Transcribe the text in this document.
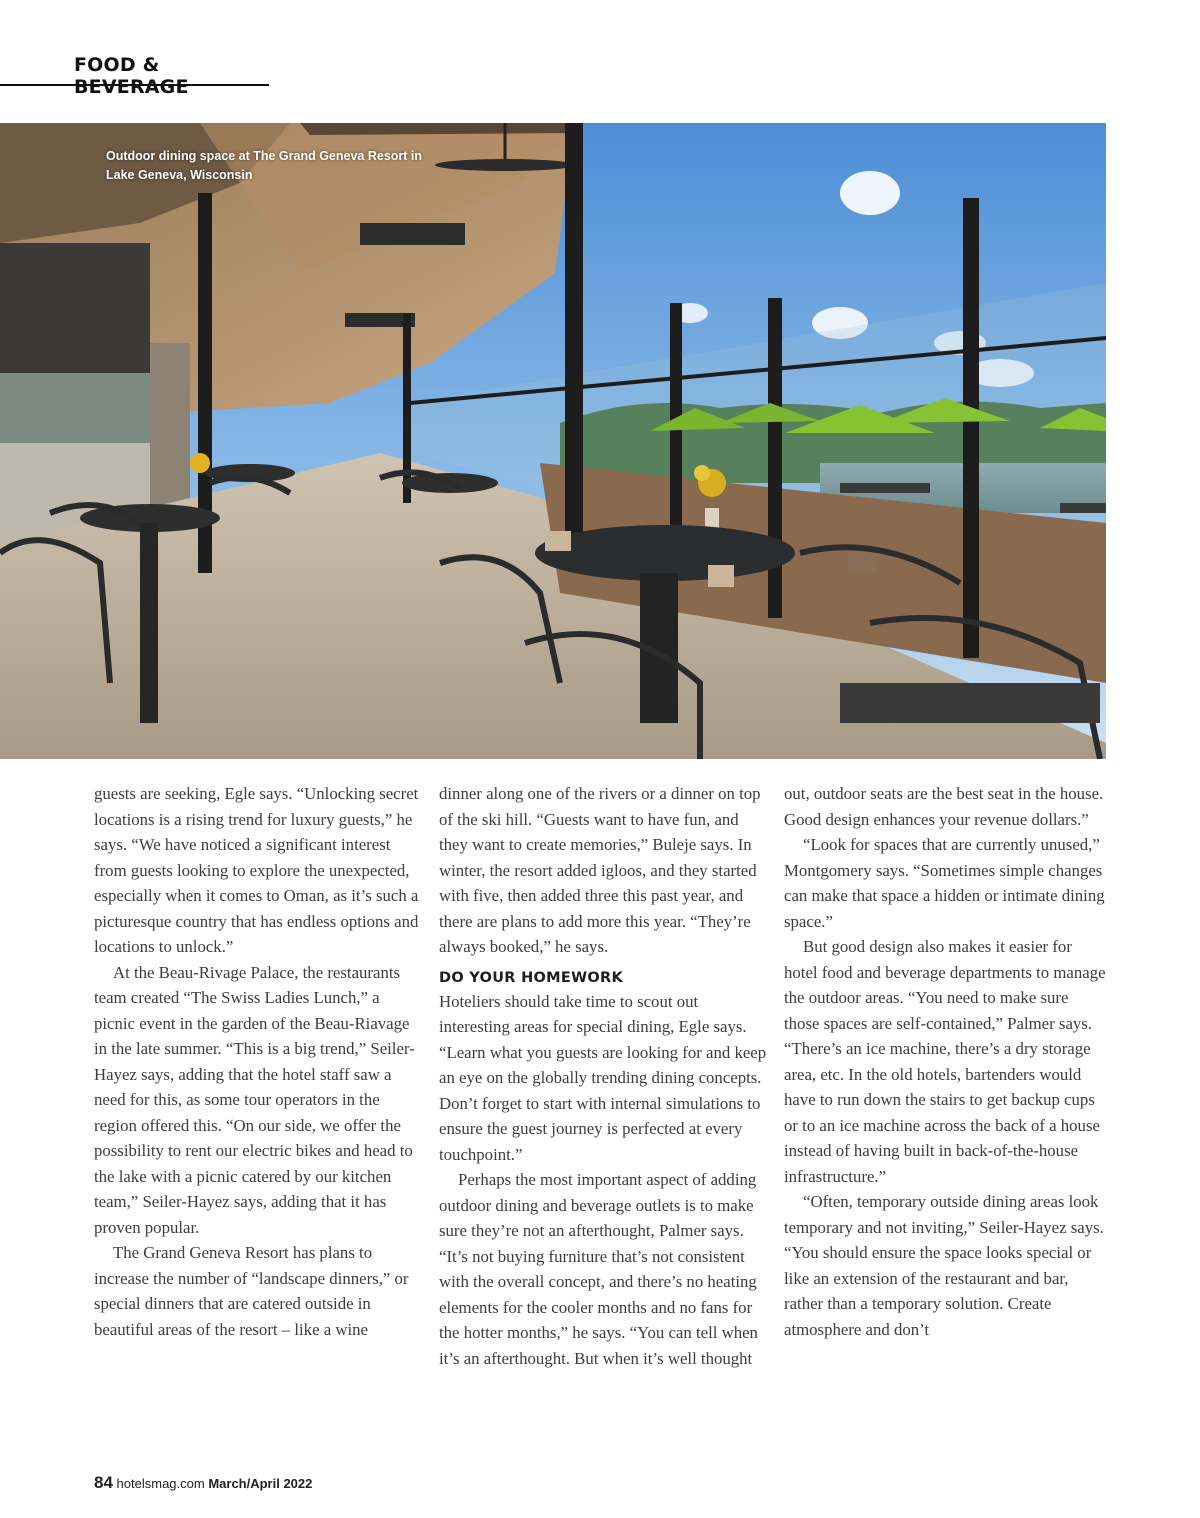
FOOD & BEVERAGE
Outdoor dining space at The Grand Geneva Resort in Lake Geneva, Wisconsin

guests are seeking, Egle says. “Unlocking secret locations is a rising trend for luxury guests,” he says. “We have noticed a significant interest from guests looking to explore the unexpected, especially when it comes to Oman, as it’s such a picturesque country that has endless options and locations to unlock.”

At the Beau-Rivage Palace, the restaurants team created “The Swiss Ladies Lunch,” a picnic event in the garden of the Beau-Riavage in the late summer. “This is a big trend,” Seiler-Hayez says, adding that the hotel staff saw a need for this, as some tour operators in the region offered this. “On our side, we offer the possibility to rent our electric bikes and head to the lake with a picnic catered by our kitchen team,” Seiler-Hayez says, adding that it has proven popular.

The Grand Geneva Resort has plans to increase the number of “landscape dinners,” or special dinners that are catered outside in beautiful areas of the resort – like a wine

dinner along one of the rivers or a dinner on top of the ski hill. “Guests want to have fun, and they want to create memories,” Buleje says. In winter, the resort added igloos, and they started with five, then added three this past year, and there are plans to add more this year. “They’re always booked,” he says.

DO YOUR HOMEWORK

Hoteliers should take time to scout out interesting areas for special dining, Egle says. “Learn what you guests are looking for and keep an eye on the globally trending dining concepts. Don’t forget to start with internal simulations to ensure the guest journey is perfected at every touchpoint.”

Perhaps the most important aspect of adding outdoor dining and beverage outlets is to make sure they’re not an afterthought, Palmer says. “It’s not buying furniture that’s not consistent with the overall concept, and there’s no heating elements for the cooler months and no fans for the hotter months,” he says. “You can tell when it’s an afterthought. But when it’s well thought

out, outdoor seats are the best seat in the house. Good design enhances your revenue dollars.”

“Look for spaces that are currently unused,” Montgomery says. “Sometimes simple changes can make that space a hidden or intimate dining space.”

But good design also makes it easier for hotel food and beverage departments to manage the outdoor areas. “You need to make sure those spaces are self-contained,” Palmer says. “There’s an ice machine, there’s a dry storage area, etc. In the old hotels, bartenders would have to run down the stairs to get backup cups or to an ice machine across the back of a house instead of having built in back-of-the-house infrastructure.”

“Often, temporary outside dining areas look temporary and not inviting,” Seiler-Hayez says. “You should ensure the space looks special or like an extension of the restaurant and bar, rather than a temporary solution. Create atmosphere and don’t

84 hotelsmag.com March/April 2022
